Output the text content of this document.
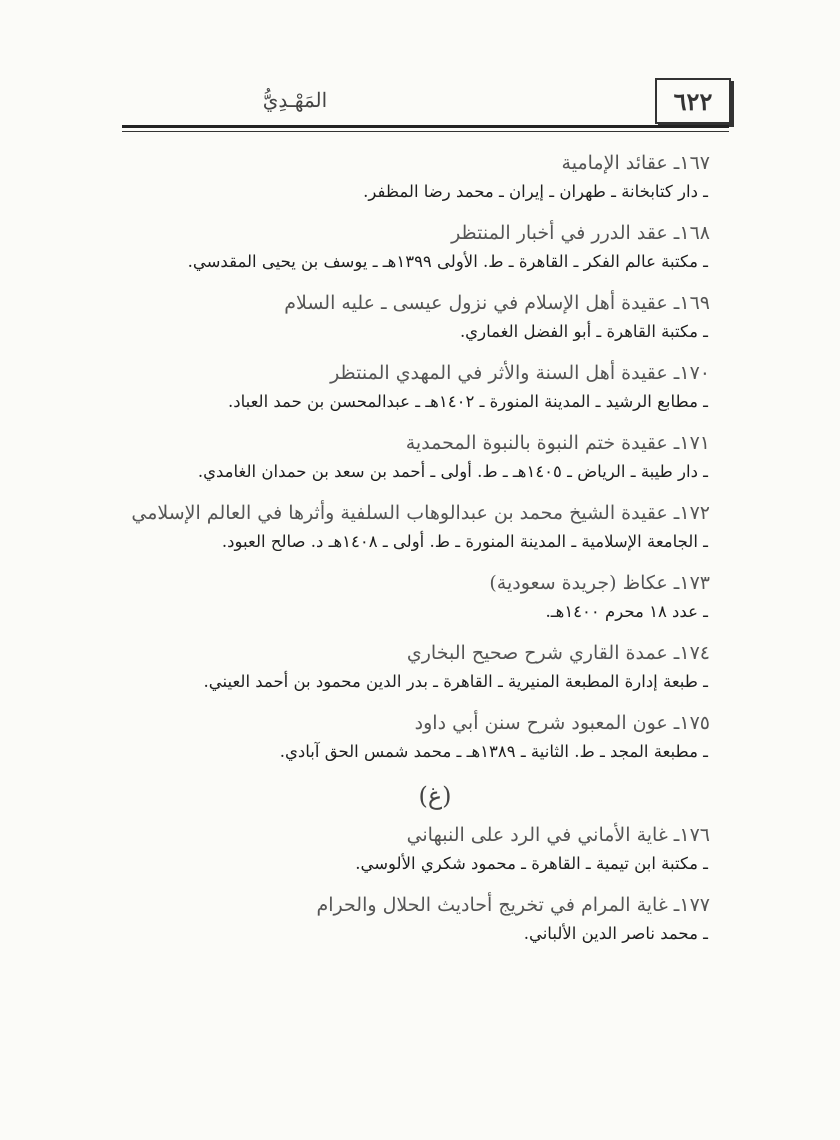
٦٢٢
المَهْـدِيُّ
١٦٧ـ عقائد الإمامية
ـ دار كتابخانة ـ طهران ـ إيران ـ محمد رضا المظفر.
١٦٨ـ عقد الدرر في أخبار المنتظر
ـ مكتبة عالم الفكر ـ القاهرة ـ ط. الأولى ١٣٩٩هـ ـ يوسف بن يحيى المقدسي.
١٦٩ـ عقيدة أهل الإسلام في نزول عيسى ـ عليه السلام
ـ مكتبة القاهرة ـ أبو الفضل الغماري.
١٧٠ـ عقيدة أهل السنة والأثر في المهدي المنتظر
ـ مطابع الرشيد ـ المدينة المنورة ـ ١٤٠٢هـ ـ عبدالمحسن بن حمد العباد.
١٧١ـ عقيدة ختم النبوة بالنبوة المحمدية
ـ دار طيبة ـ الرياض ـ ١٤٠٥هـ ـ ط. أولى ـ أحمد بن سعد بن حمدان الغامدي.
١٧٢ـ عقيدة الشيخ محمد بن عبدالوهاب السلفية وأثرها في العالم الإسلامي
ـ الجامعة الإسلامية ـ المدينة المنورة ـ ط. أولى ـ ١٤٠٨هـ د. صالح العبود.
١٧٣ـ عكاظ (جريدة سعودية)
ـ عدد ١٨ محرم ١٤٠٠هـ.
١٧٤ـ عمدة القاري شرح صحيح البخاري
ـ طبعة إدارة المطبعة المنيرية ـ القاهرة ـ بدر الدين محمود بن أحمد العيني.
١٧٥ـ عون المعبود شرح سنن أبي داود
ـ مطبعة المجد ـ ط. الثانية ـ ١٣٨٩هـ ـ محمد شمس الحق آبادي.
(غ)
١٧٦ـ غاية الأماني في الرد على النبهاني
ـ مكتبة ابن تيمية ـ القاهرة ـ محمود شكري الألوسي.
١٧٧ـ غاية المرام في تخريج أحاديث الحلال والحرام
ـ محمد ناصر الدين الألباني.
